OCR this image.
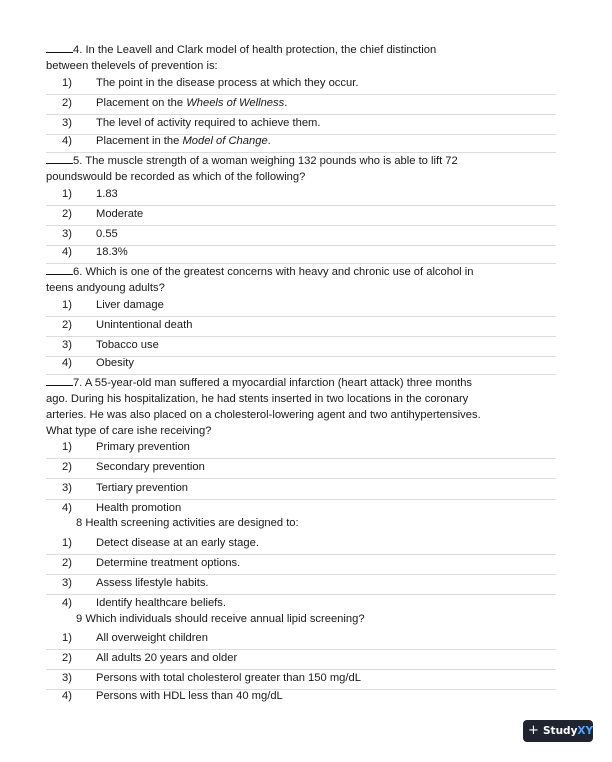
4. In the Leavell and Clark model of health protection, the chief distinction
between thelevels of prevention is:
1) The point in the disease process at which they occur.
2) Placement on the Wheels of Wellness.
3) The level of activity required to achieve them.
4) Placement in the Model of Change.
5. The muscle strength of a woman weighing 132 pounds who is able to lift 72
poundswould be recorded as which of the following?
1) 1.83
2) Moderate
3) 0.55
4) 18.3%
6. Which is one of the greatest concerns with heavy and chronic use of alcohol in
teens andyoung adults?
1) Liver damage
2) Unintentional death
3) Tobacco use
4) Obesity
7. A 55-year-old man suffered a myocardial infarction (heart attack) three months
ago. During his hospitalization, he had stents inserted in two locations in the coronary
arteries. He was also placed on a cholesterol-lowering agent and two antihypertensives.
What type of care ishe receiving?
1) Primary prevention
2) Secondary prevention
3) Tertiary prevention
4) Health promotion
8 Health screening activities are designed to:
1) Detect disease at an early stage.
2) Determine treatment options.
3) Assess lifestyle habits.
4) Identify healthcare beliefs.
9 Which individuals should receive annual lipid screening?
1) All overweight children
2) All adults 20 years and older
3) Persons with total cholesterol greater than 150 mg/dL
4) Persons with HDL less than 40 mg/dL
+ StudyXY
